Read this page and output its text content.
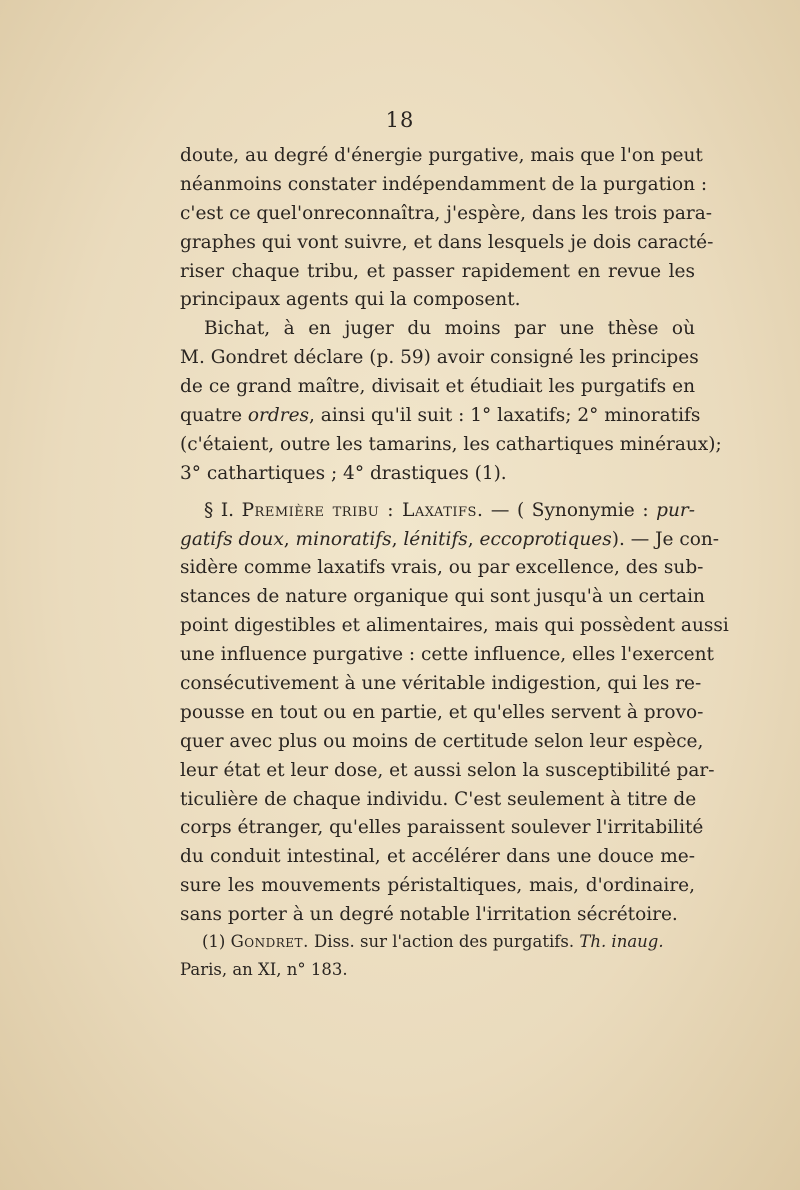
18
doute, au degré d'énergie purgative, mais que l'on peut
néanmoins constater indépendamment de la purgation :
c'est ce quel'onreconnaîtra, j'espère, dans les trois para-
graphes qui vont suivre, et dans lesquels je dois caracté-
riser chaque tribu, et passer rapidement en revue les
principaux agents qui la composent.
Bichat, à en juger du moins par une thèse où
M. Gondret déclare (p. 59) avoir consigné les principes
de ce grand maître, divisait et étudiait les purgatifs en
quatre ordres, ainsi qu'il suit : 1° laxatifs; 2° minoratifs
(c'étaient, outre les tamarins, les cathartiques minéraux);
3° cathartiques ; 4° drastiques (1).
§ I. Première tribu : Laxatifs. — ( Synonymie : pur-
gatifs doux, minoratifs, lénitifs, eccoprotiques). — Je con-
sidère comme laxatifs vrais, ou par excellence, des sub-
stances de nature organique qui sont jusqu'à un certain
point digestibles et alimentaires, mais qui possèdent aussi
une influence purgative : cette influence, elles l'exercent
consécutivement à une véritable indigestion, qui les re-
pousse en tout ou en partie, et qu'elles servent à provo-
quer avec plus ou moins de certitude selon leur espèce,
leur état et leur dose, et aussi selon la susceptibilité par-
ticulière de chaque individu. C'est seulement à titre de
corps étranger, qu'elles paraissent soulever l'irritabilité
du conduit intestinal, et accélérer dans une douce me-
sure les mouvements péristaltiques, mais, d'ordinaire,
sans porter à un degré notable l'irritation sécrétoire.
(1) Gondret. Diss. sur l'action des purgatifs. Th. inaug.
Paris, an XI, n° 183.
